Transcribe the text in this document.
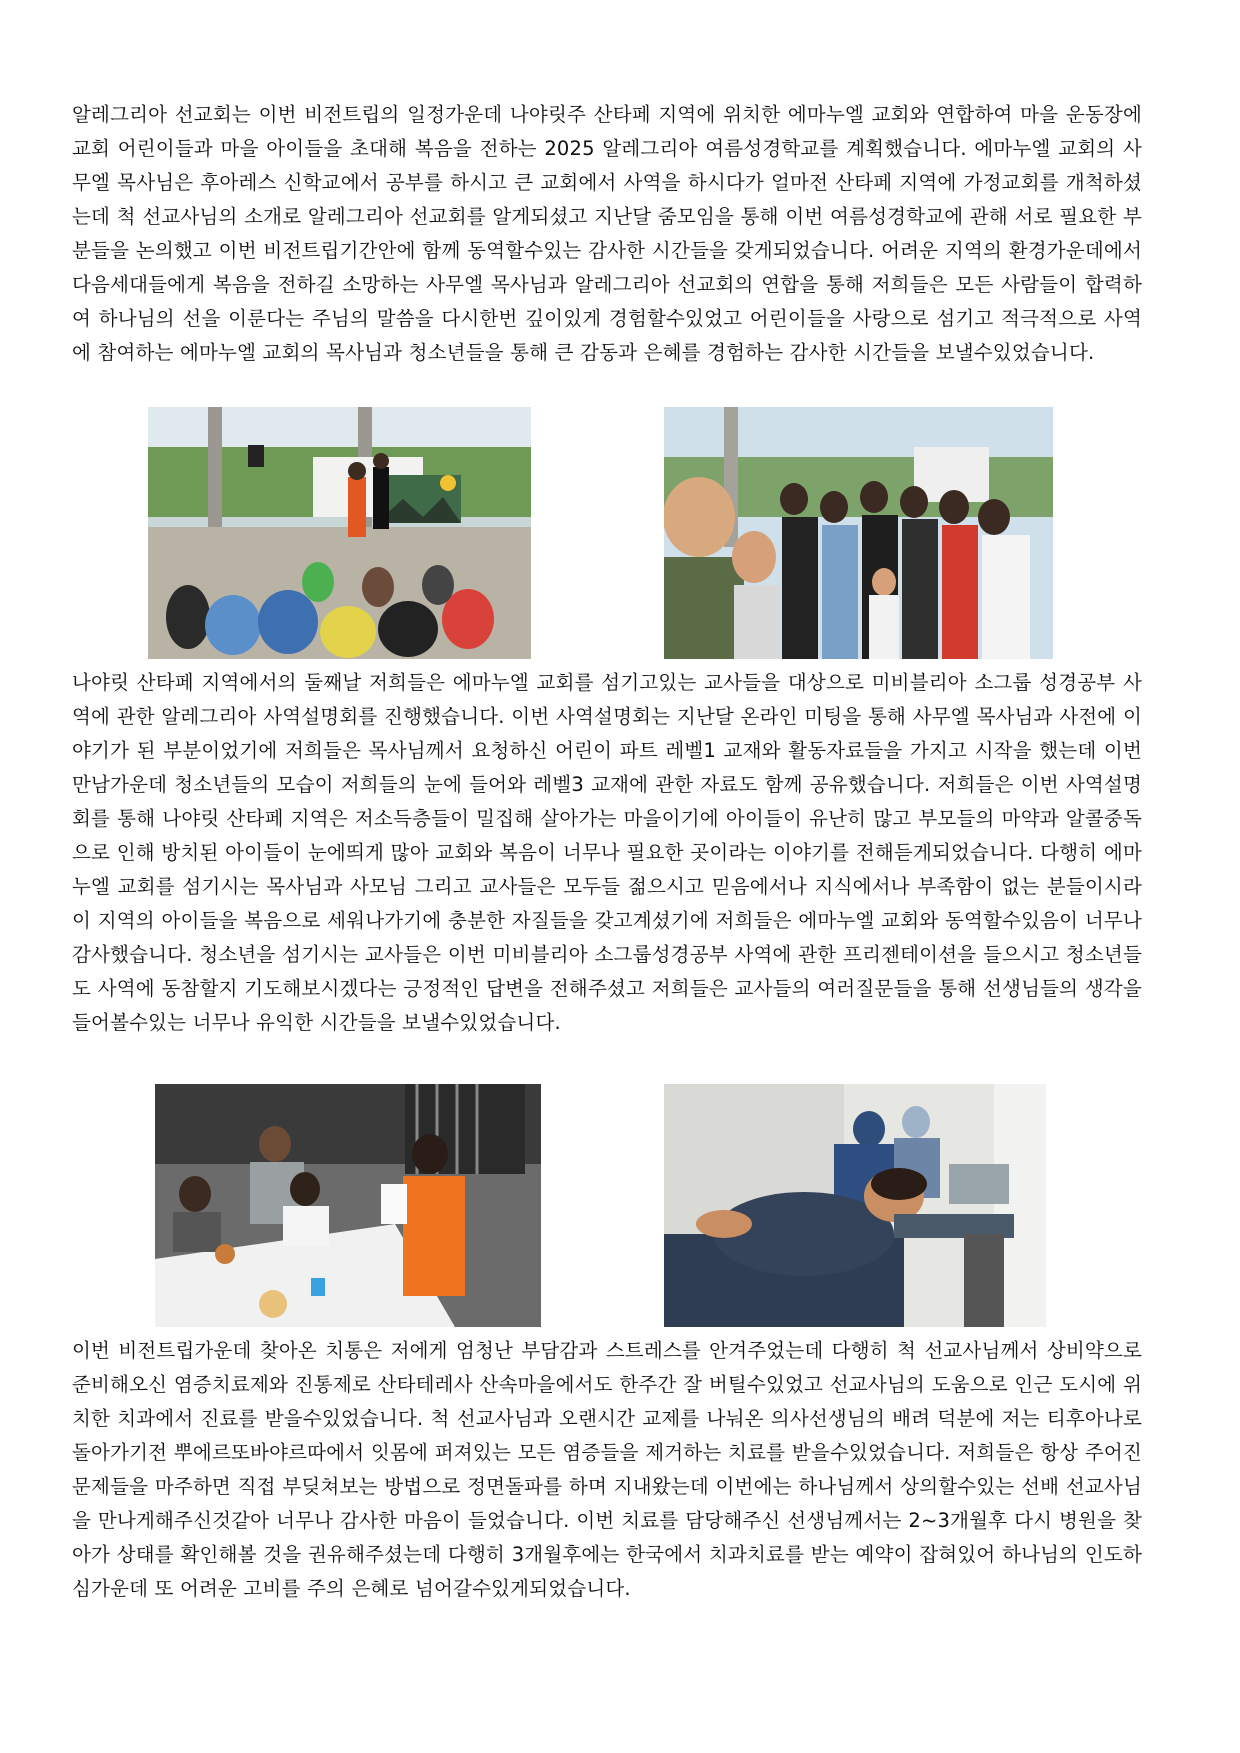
알레그리아 선교회는 이번 비전트립의 일정가운데 나야릿주 산타페 지역에 위치한 에마누엘 교회와 연합하여 마을 운동장에 교회 어린이들과 마을 아이들을 초대해 복음을 전하는 2025 알레그리아 여름성경학교를 계획했습니다. 에마누엘 교회의 사무엘 목사님은 후아레스 신학교에서 공부를 하시고 큰 교회에서 사역을 하시다가 얼마전 산타페 지역에 가정교회를 개척하셨는데 척 선교사님의 소개로 알레그리아 선교회를 알게되셨고 지난달 줌모임을 통해 이번 여름성경학교에 관해 서로 필요한 부분들을 논의했고 이번 비전트립기간안에 함께 동역할수있는 감사한 시간들을 갖게되었습니다. 어려운 지역의 환경가운데에서 다음세대들에게 복음을 전하길 소망하는 사무엘 목사님과 알레그리아 선교회의 연합을 통해 저희들은 모든 사람들이 합력하여 하나님의 선을 이룬다는 주님의 말씀을 다시한번 깊이있게 경험할수있었고 어린이들을 사랑으로 섬기고 적극적으로 사역에 참여하는 에마누엘 교회의 목사님과 청소년들을 통해 큰 감동과 은혜를 경험하는 감사한 시간들을 보낼수있었습니다.

나야릿 산타페 지역에서의 둘째날 저희들은 에마누엘 교회를 섬기고있는 교사들을 대상으로 미비블리아 소그룹 성경공부 사역에 관한 알레그리아 사역설명회를 진행했습니다. 이번 사역설명회는 지난달 온라인 미팅을 통해 사무엘 목사님과 사전에 이야기가 된 부분이었기에 저희들은 목사님께서 요청하신 어린이 파트 레벨1 교재와 활동자료들을 가지고 시작을 했는데 이번 만남가운데 청소년들의 모습이 저희들의 눈에 들어와 레벨3 교재에 관한 자료도 함께 공유했습니다. 저희들은 이번 사역설명회를 통해 나야릿 산타페 지역은 저소득층들이 밀집해 살아가는 마을이기에 아이들이 유난히 많고 부모들의 마약과 알콜중독으로 인해 방치된 아이들이 눈에띄게 많아 교회와 복음이 너무나 필요한 곳이라는 이야기를 전해듣게되었습니다. 다행히 에마누엘 교회를 섬기시는 목사님과 사모님 그리고 교사들은 모두들 젊으시고 믿음에서나 지식에서나 부족함이 없는 분들이시라 이 지역의 아이들을 복음으로 세워나가기에 충분한 자질들을 갖고계셨기에 저희들은 에마누엘 교회와 동역할수있음이 너무나 감사했습니다. 청소년을 섬기시는 교사들은 이번 미비블리아 소그룹성경공부 사역에 관한 프리젠테이션을 들으시고 청소년들도 사역에 동참할지 기도해보시겠다는 긍정적인 답변을 전해주셨고 저희들은 교사들의 여러질문들을 통해 선생님들의 생각을 들어볼수있는 너무나 유익한 시간들을 보낼수있었습니다.

이번 비전트립가운데 찾아온 치통은 저에게 엄청난 부담감과 스트레스를 안겨주었는데 다행히 척 선교사님께서 상비약으로 준비해오신 염증치료제와 진통제로 산타테레사 산속마을에서도 한주간 잘 버틸수있었고 선교사님의 도움으로 인근 도시에 위치한 치과에서 진료를 받을수있었습니다. 척 선교사님과 오랜시간 교제를 나눠온 의사선생님의 배려 덕분에 저는 티후아나로 돌아가기전 뿌에르또바야르따에서 잇몸에 퍼져있는 모든 염증들을 제거하는 치료를 받을수있었습니다. 저희들은 항상 주어진 문제들을 마주하면 직접 부딪쳐보는 방법으로 정면돌파를 하며 지내왔는데 이번에는 하나님께서 상의할수있는 선배 선교사님을 만나게해주신것같아 너무나 감사한 마음이 들었습니다. 이번 치료를 담당해주신 선생님께서는 2~3개월후 다시 병원을 찾아가 상태를 확인해볼 것을 권유해주셨는데 다행히 3개월후에는 한국에서 치과치료를 받는 예약이 잡혀있어 하나님의 인도하심가운데 또 어려운 고비를 주의 은혜로 넘어갈수있게되었습니다.
